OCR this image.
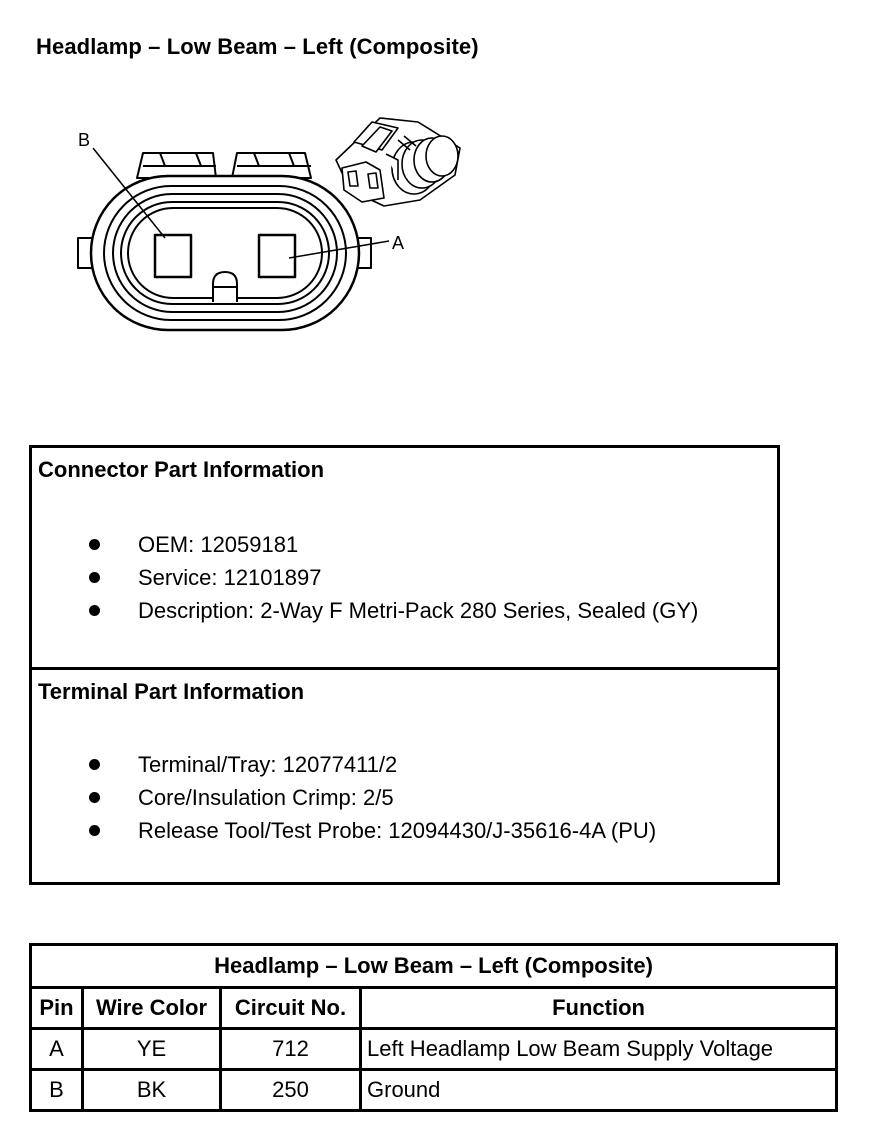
Headlamp – Low Beam – Left (Composite)
B
A
Connector Part Information
OEM: 12059181
Service: 12101897
Description: 2-Way F Metri-Pack 280 Series, Sealed (GY)
Terminal Part Information
Terminal/Tray: 12077411/2
Core/Insulation Crimp: 2/5
Release Tool/Test Probe: 12094430/J-35616-4A (PU)
Headlamp – Low Beam – Left (Composite)			
Pin	Wire Color	Circuit No.	Function
A	YE	712	Left Headlamp Low Beam Supply Voltage
B	BK	250	Ground
